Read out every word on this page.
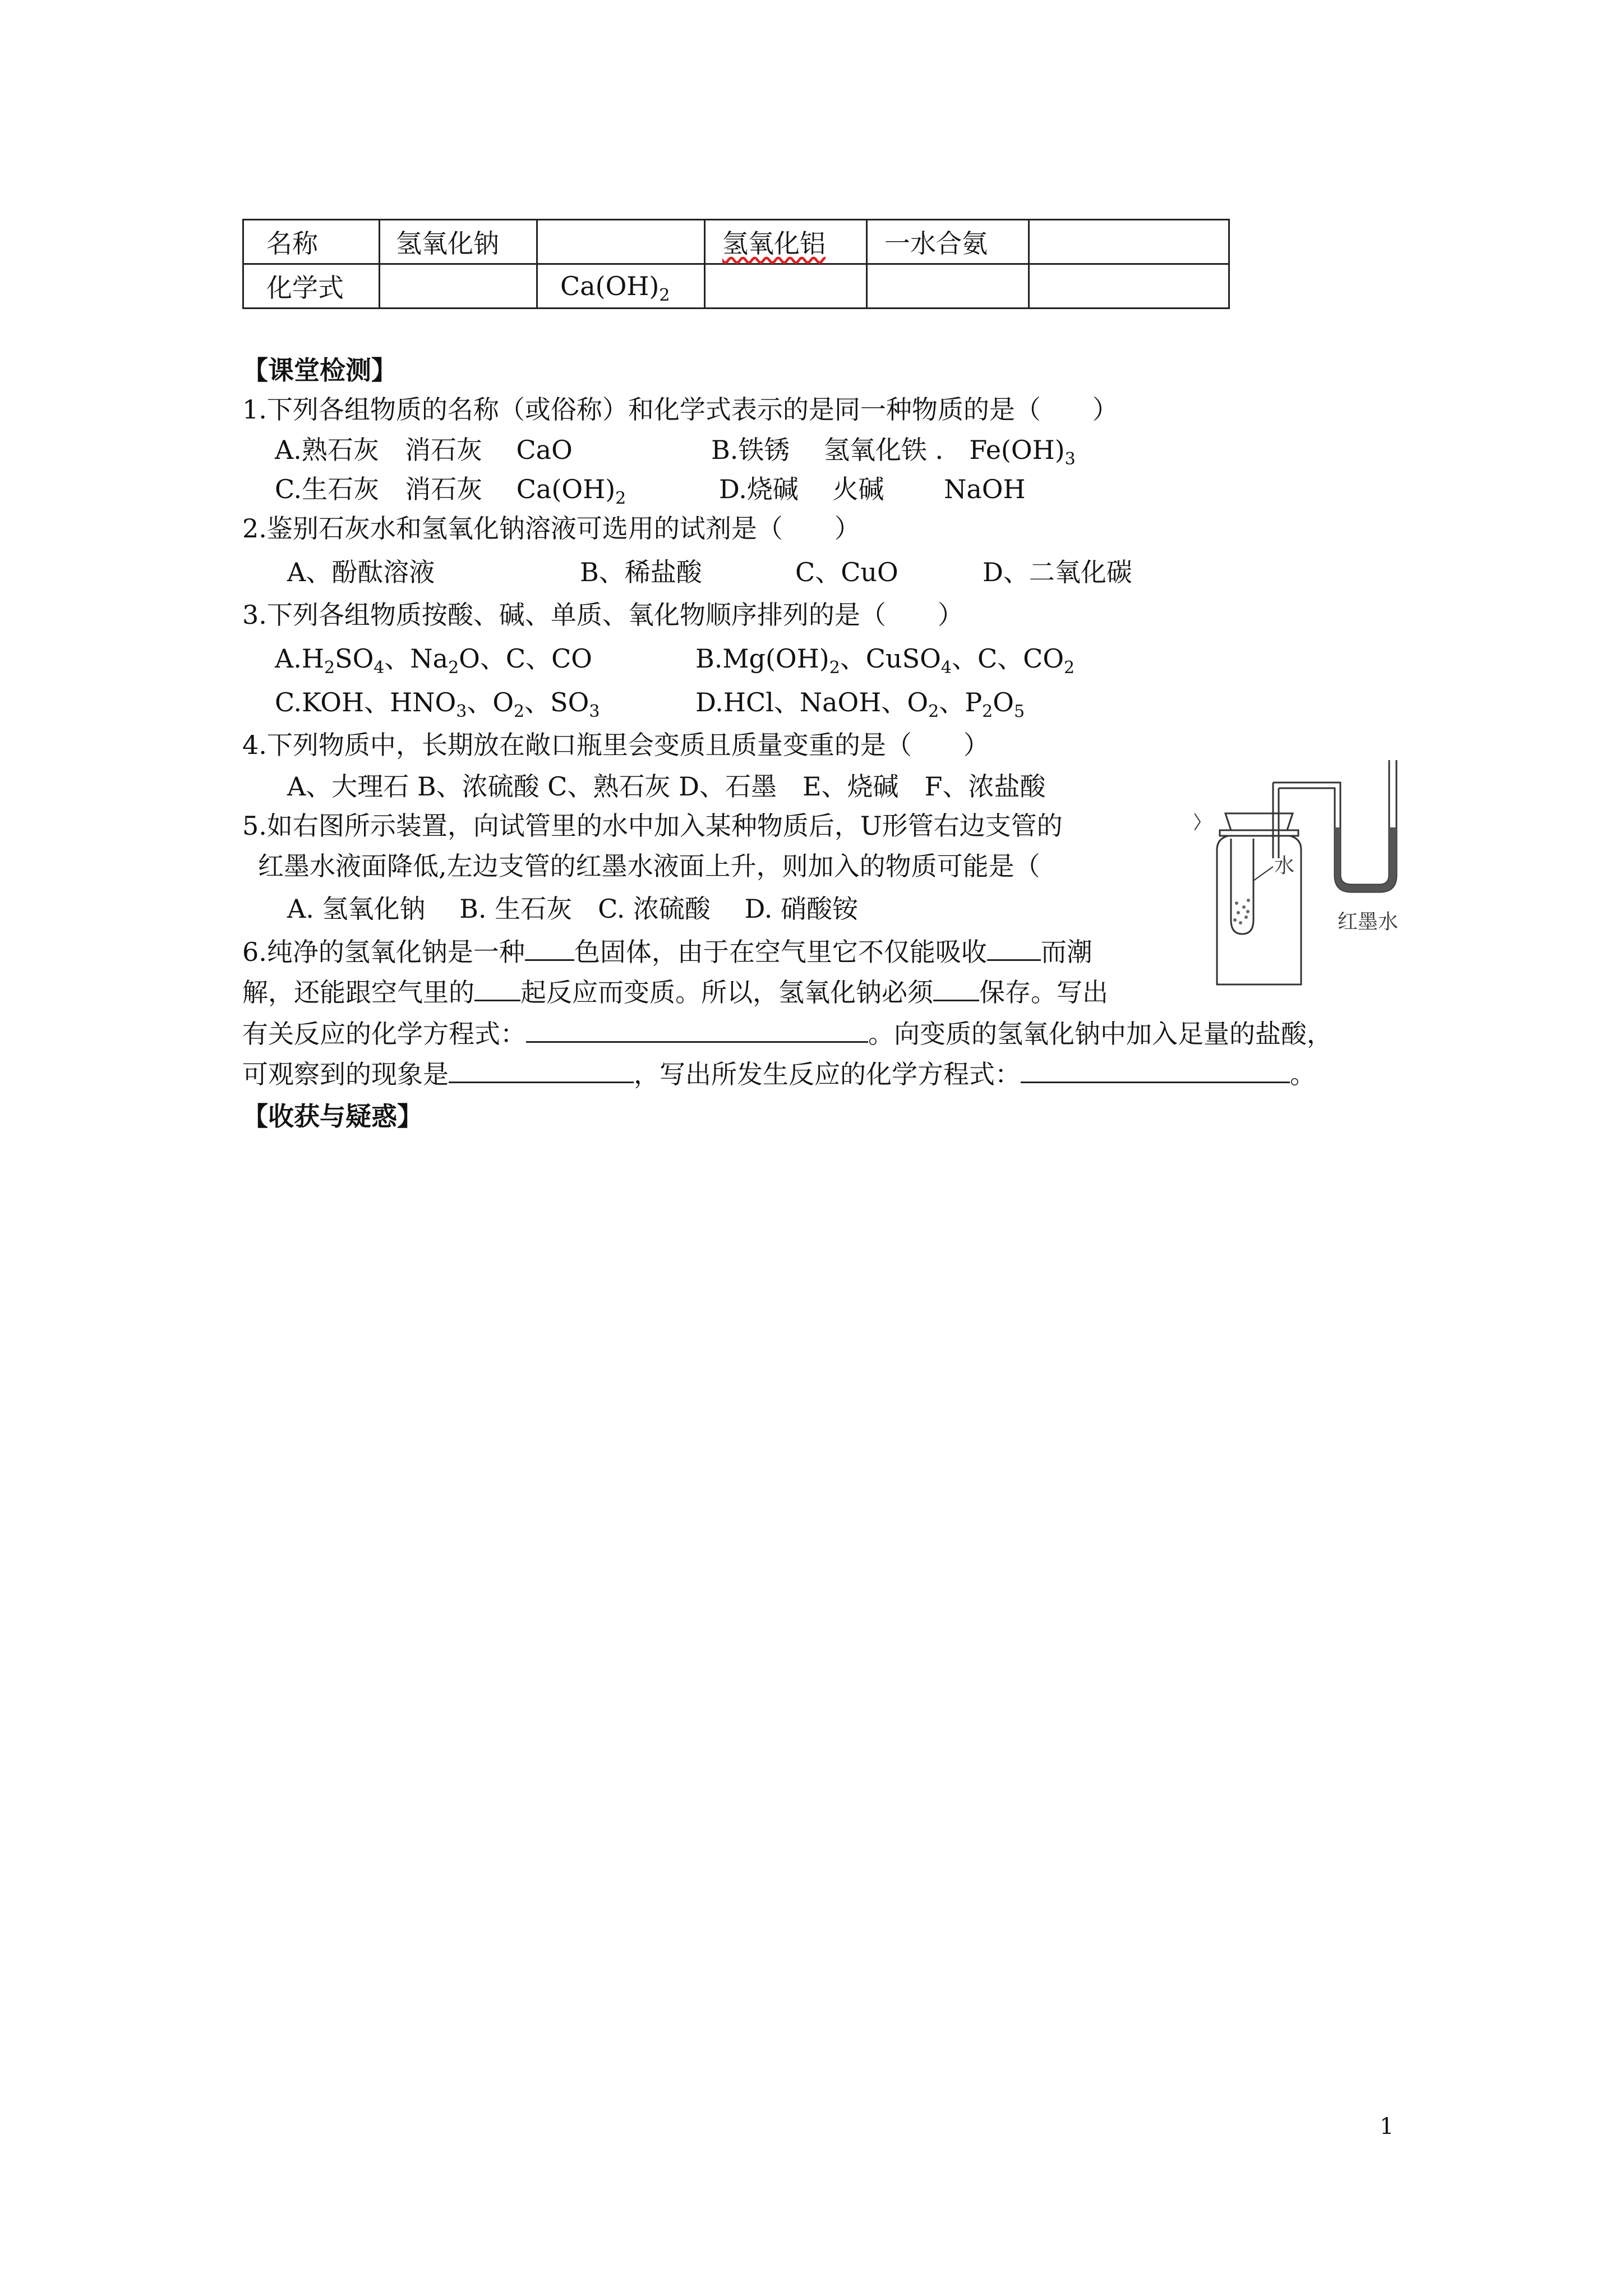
名称	氢氧化钠		氢氧化铝	一水合氨	
化学式		$Ca(OH)_2$			
【课堂检测】
1.下列各组物质的名称（或俗称）和化学式表示的是同一种物质的是（　　）
A.熟石灰　消石灰　 CaO	B.铁锈　 氢氧化铁 ． $Fe(OH)_3$
C.生石灰　消石灰　 $Ca(OH)_2$	D.烧碱　 火碱　　 NaOH
2.鉴别石灰水和氢氧化钠溶液可选用的试剂是（　　）
A、酚酞溶液	B、稀盐酸	C、CuO	D、二氧化碳
3.下列各组物质按酸、碱、单质、氧化物顺序排列的是（　　）
$A.H_2SO_4$、$Na_2O$、C、CO	$B.Mg(OH)_2$、CuSO$_4$、C、$CO_2$
C.KOH、$HNO_3$、$O_2$、$SO_3$	D.HCl、NaOH、$O_2$、$P_2O_5$
4.下列物质中，长期放在敞口瓶里会变质且质量变重的是（　　）
A、大理石 B、浓硫酸 C、熟石灰 D、石墨　E、烧碱　F、浓盐酸
5.如右图所示装置，向试管里的水中加入某种物质后，U形管右边支管的
红墨水液面降低,左边支管的红墨水液面上升，则加入的物质可能是（
A. 氢氧化钠　 B. 生石灰　C. 浓硫酸　 D. 硝酸铵
6.纯净的氢氧化钠是一种 色固体，由于在空气里它不仅能吸收 而潮
解，还能跟空气里的 起反应而变质。所以，氢氧化钠必须 保存。写出
有关反应的化学方程式：	。向变质的氢氧化钠中加入足量的盐酸，
可观察到的现象是	，写出所发生反应的化学方程式：	。
【收获与疑惑】
水
红墨水
1
